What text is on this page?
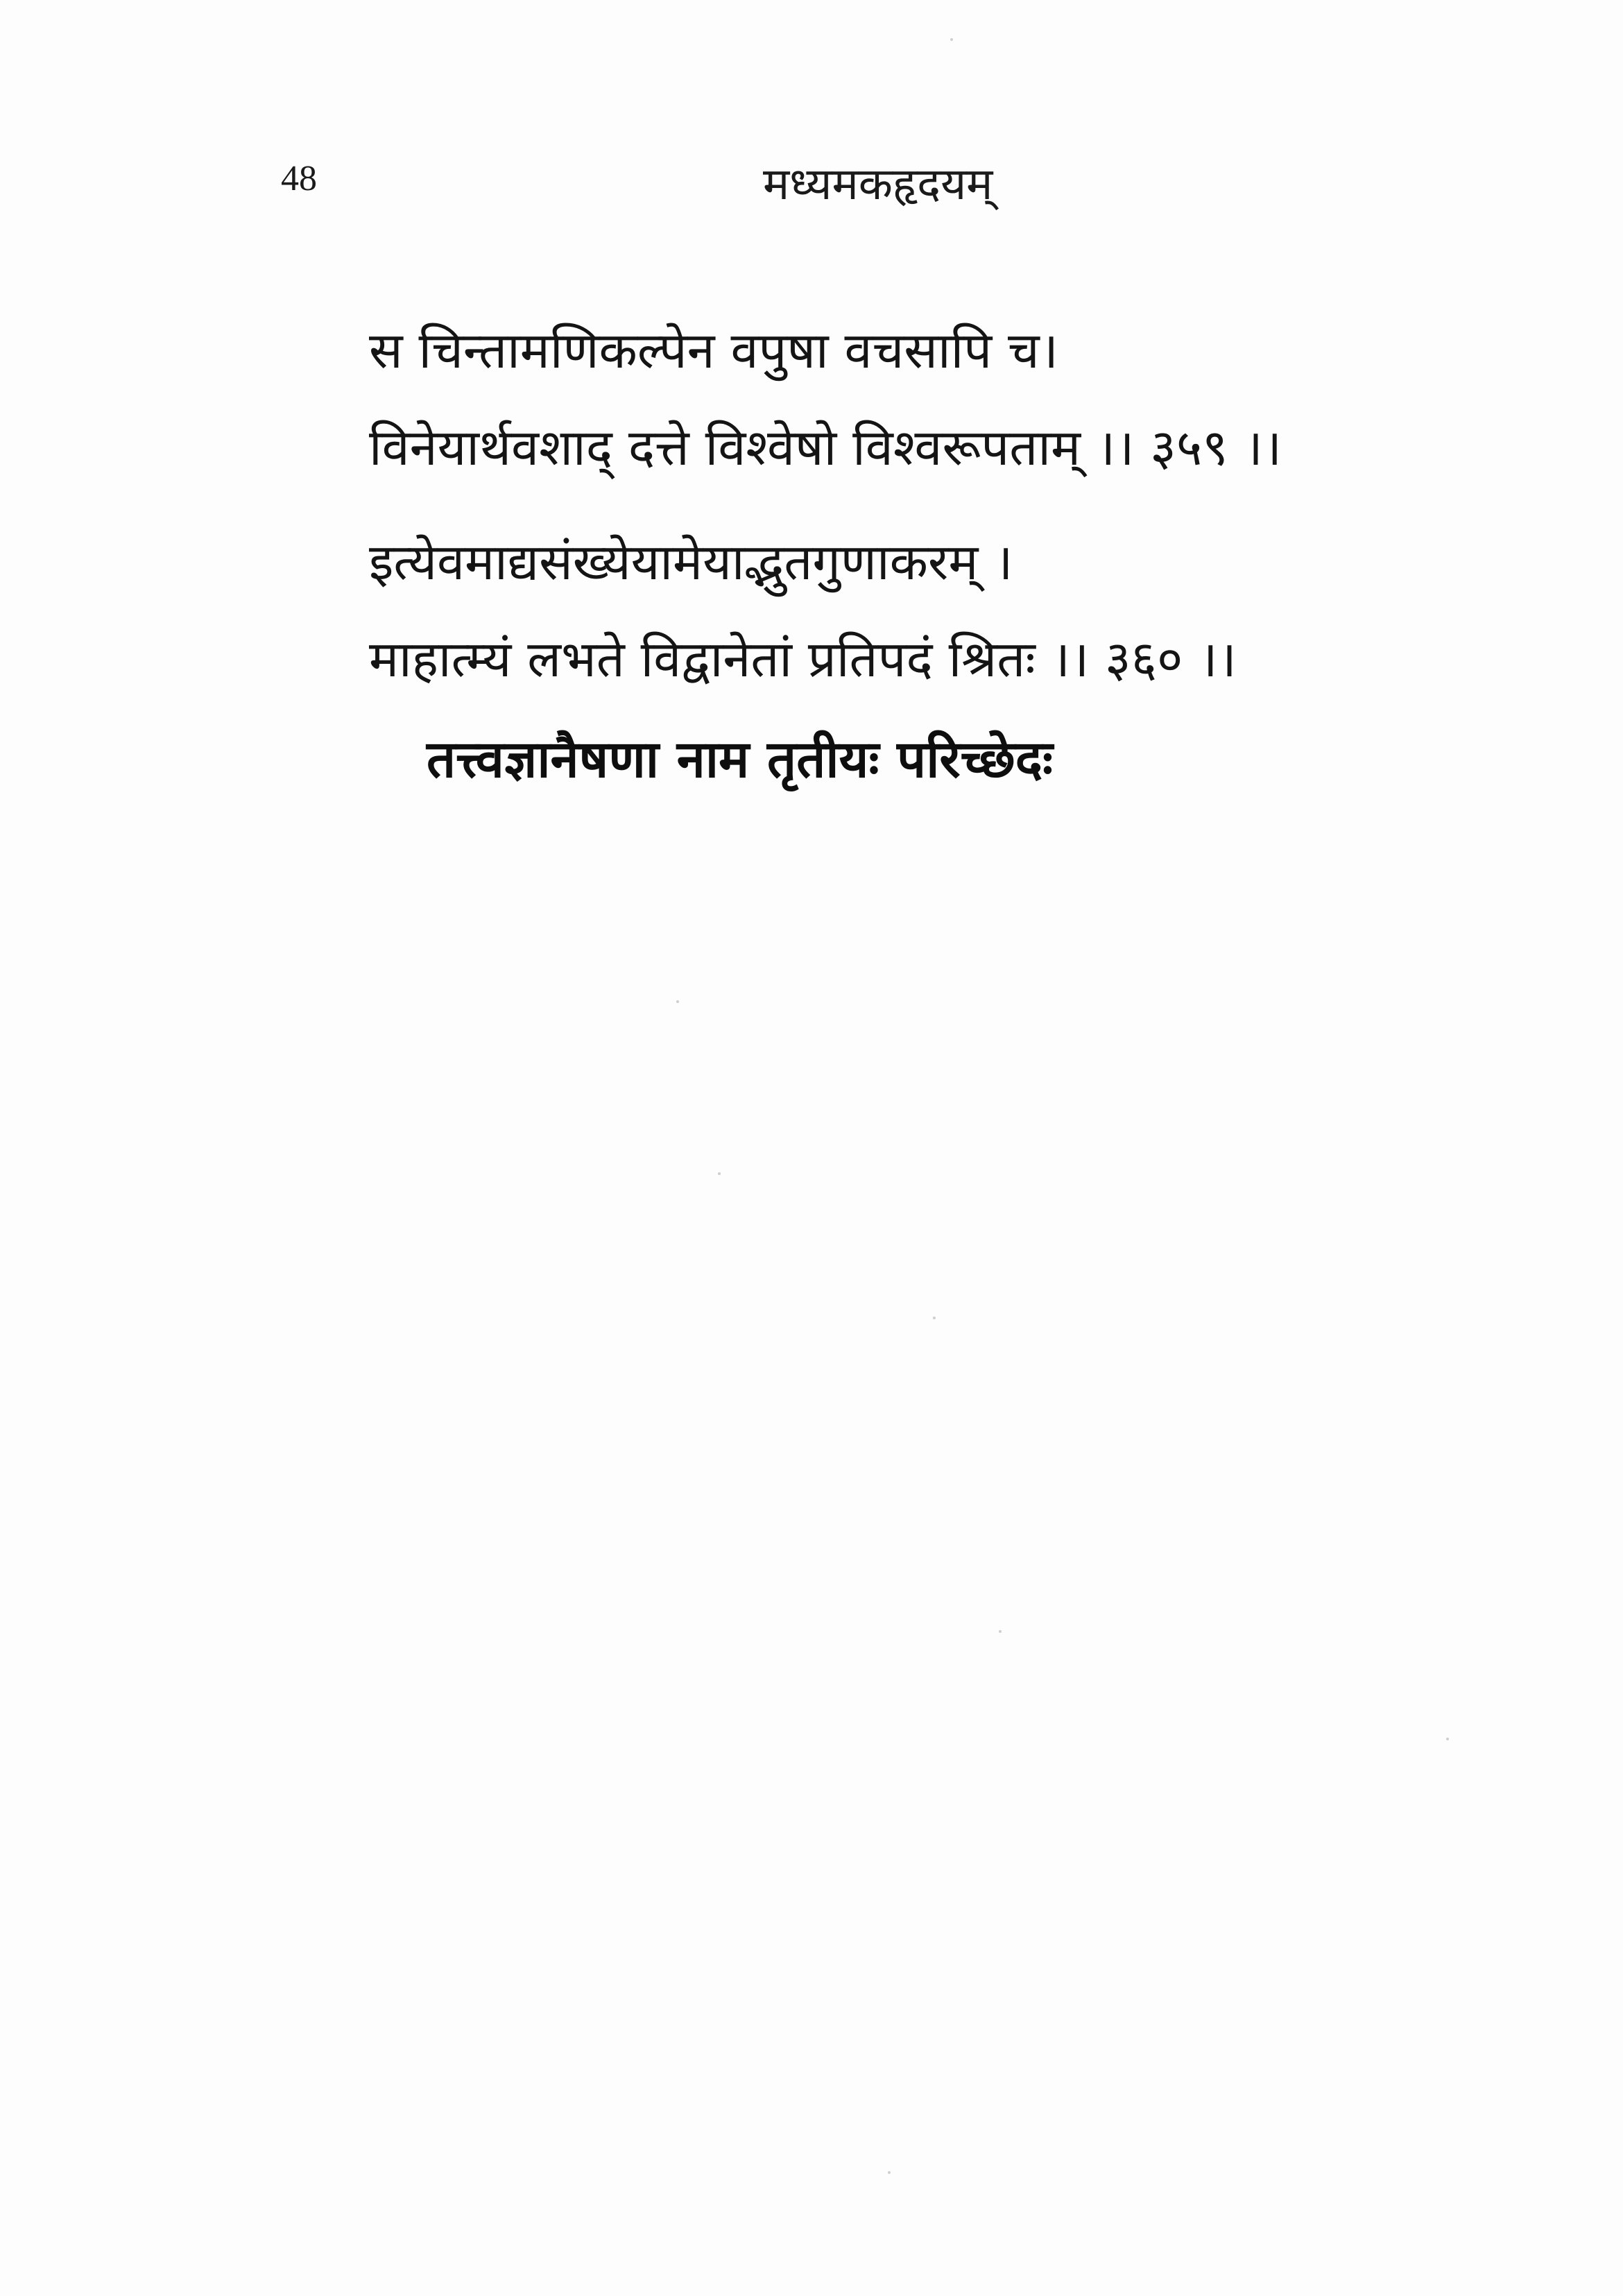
48	मध्यमकहृदयम्
स चिन्तामणिकल्पेन वपुषा वचसापि च।
विनेयार्थवशाद् दत्ते विश्वेषो विश्वरूपताम् ।। ३५९ ।।
इत्येवमाद्यसंख्येयामेयाद्भुतगुणाकरम् ।
माहात्म्यं लभते विद्वानेतां प्रतिपदं श्रितः ।। ३६० ।।
तत्त्वज्ञानैषणा नाम तृतीयः परिच्छेदः
